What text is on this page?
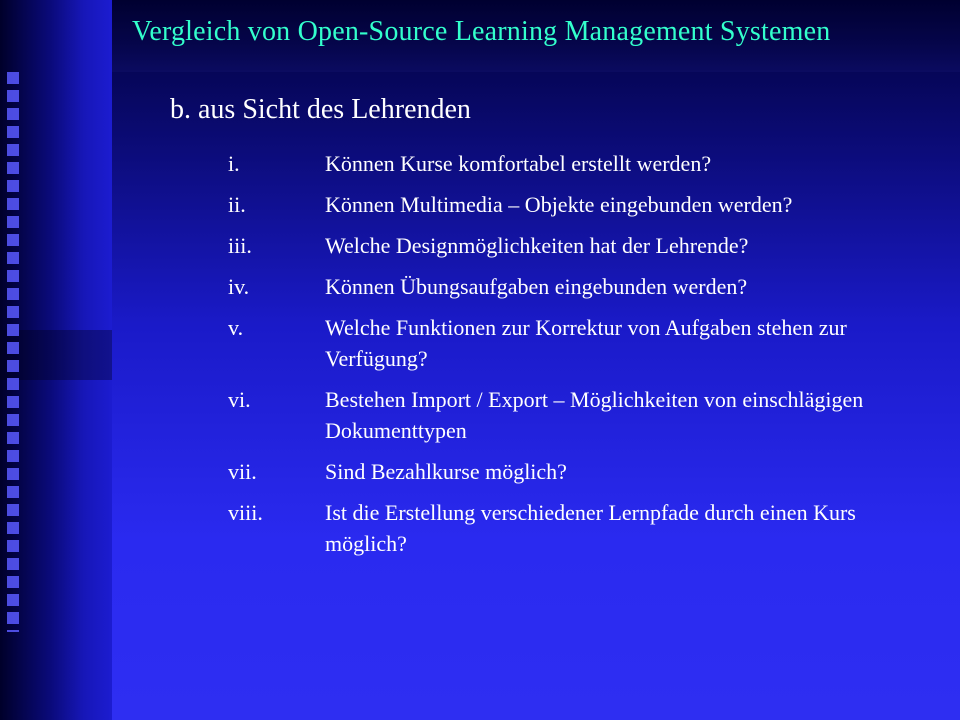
Vergleich von Open-Source Learning Management Systemen
b. aus Sicht des Lehrenden
i.	Können Kurse komfortabel erstellt werden?
ii.	Können Multimedia – Objekte eingebunden werden?
iii.	Welche Designmöglichkeiten hat der Lehrende?
iv.	Können Übungsaufgaben eingebunden werden?
v.	Welche Funktionen zur Korrektur von Aufgaben stehen zur Verfügung?
vi.	Bestehen Import / Export – Möglichkeiten von einschlägigen Dokumenttypen
vii.	Sind Bezahlkurse möglich?
viii.	Ist die Erstellung verschiedener Lernpfade durch einen Kurs möglich?
